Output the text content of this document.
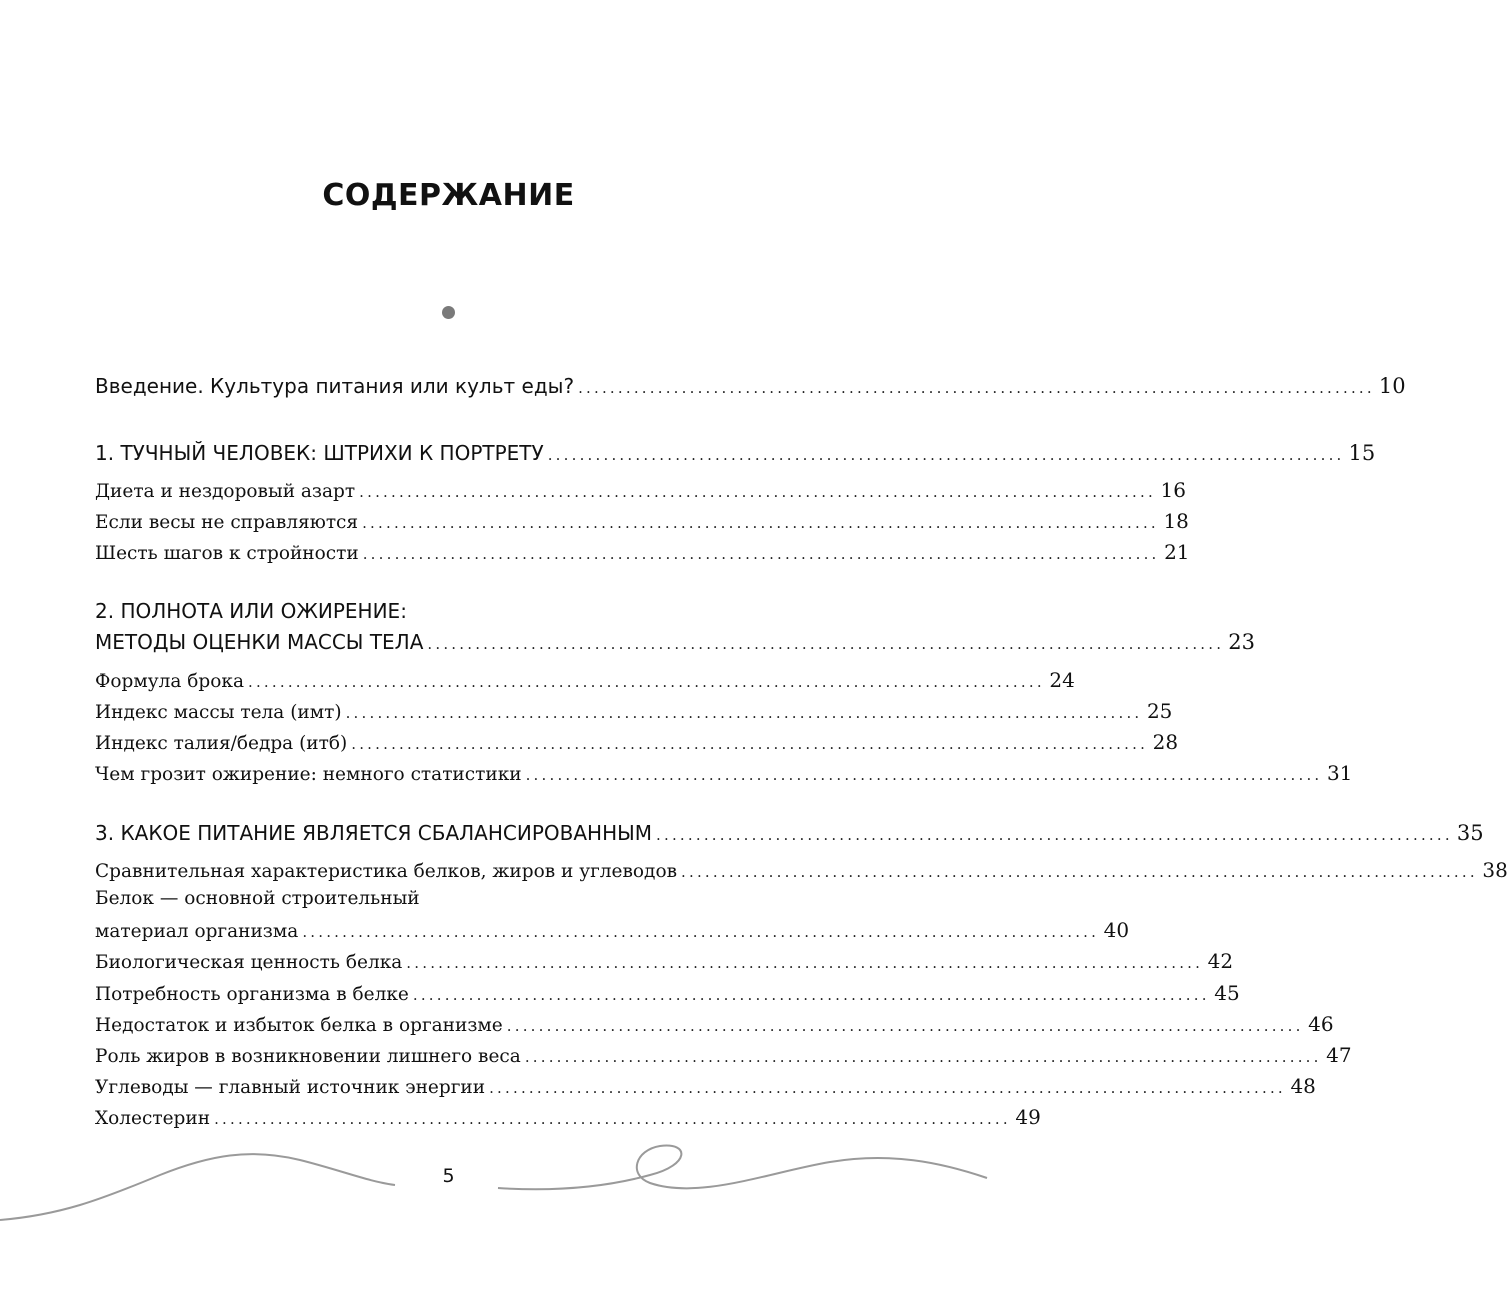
СОДЕРЖАНИЕ
Введение. Культура питания или культ еды? .................................................................................................... 10
1. ТУЧНЫЙ ЧЕЛОВЕК: ШТРИХИ К ПОРТРЕТУ .................................................................................................... 15
Диета и нездоровый азарт .................................................................................................... 16
Если весы не справляются .................................................................................................... 18
Шесть шагов к стройности .................................................................................................... 21
2. ПОЛНОТА ИЛИ ОЖИРЕНИЕ:
МЕТОДЫ ОЦЕНКИ МАССЫ ТЕЛА .................................................................................................... 23
Формула брока .................................................................................................... 24
Индекс массы тела (имт) .................................................................................................... 25
Индекс талия/бедра (итб) .................................................................................................... 28
Чем грозит ожирение: немного статистики .................................................................................................... 31
3. КАКОЕ ПИТАНИЕ ЯВЛЯЕТСЯ СБАЛАНСИРОВАННЫМ .................................................................................................... 35
Сравнительная характеристика белков, жиров и углеводов .................................................................................................... 38
Белок — основной строительный
материал организма .................................................................................................... 40
Биологическая ценность белка .................................................................................................... 42
Потребность организма в белке .................................................................................................... 45
Недостаток и избыток белка в организме .................................................................................................... 46
Роль жиров в возникновении лишнего веса .................................................................................................... 47
Углеводы — главный источник энергии .................................................................................................... 48
Холестерин .................................................................................................... 49
5
